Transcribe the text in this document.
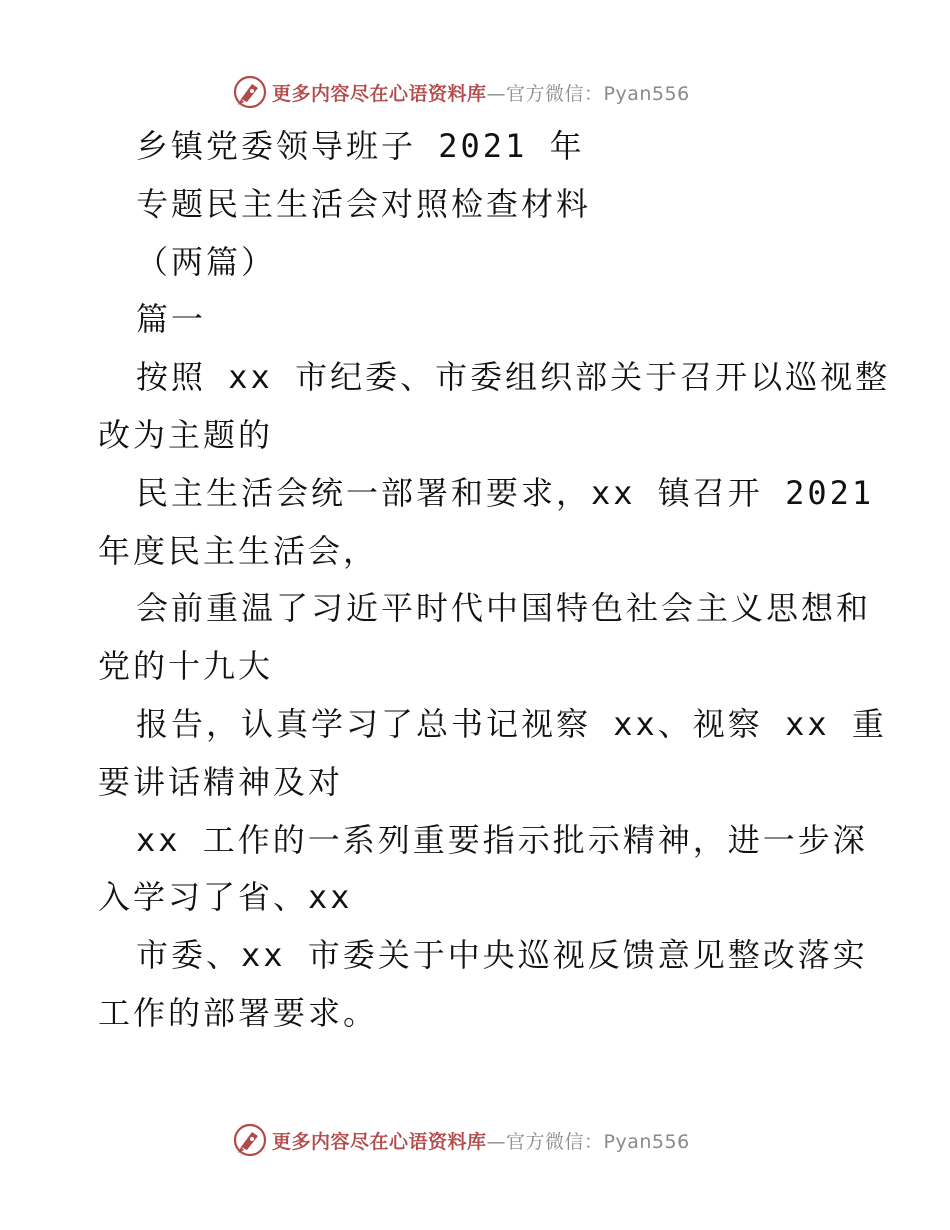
更多内容尽在心语资料库 —官方微信：Pyan556
乡镇党委领导班子 2021 年
专题民主生活会对照检查材料
（两篇）
篇一
按照 xx 市纪委、市委组织部关于召开以巡视整
改为主题的
民主生活会统一部署和要求，xx 镇召开 2021
年度民主生活会，
会前重温了习近平时代中国特色社会主义思想和
党的十九大
报告，认真学习了总书记视察 xx、视察 xx 重
要讲话精神及对
xx 工作的一系列重要指示批示精神，进一步深
入学习了省、xx
市委、xx 市委关于中央巡视反馈意见整改落实
工作的部署要求。
更多内容尽在心语资料库 —官方微信：Pyan556
